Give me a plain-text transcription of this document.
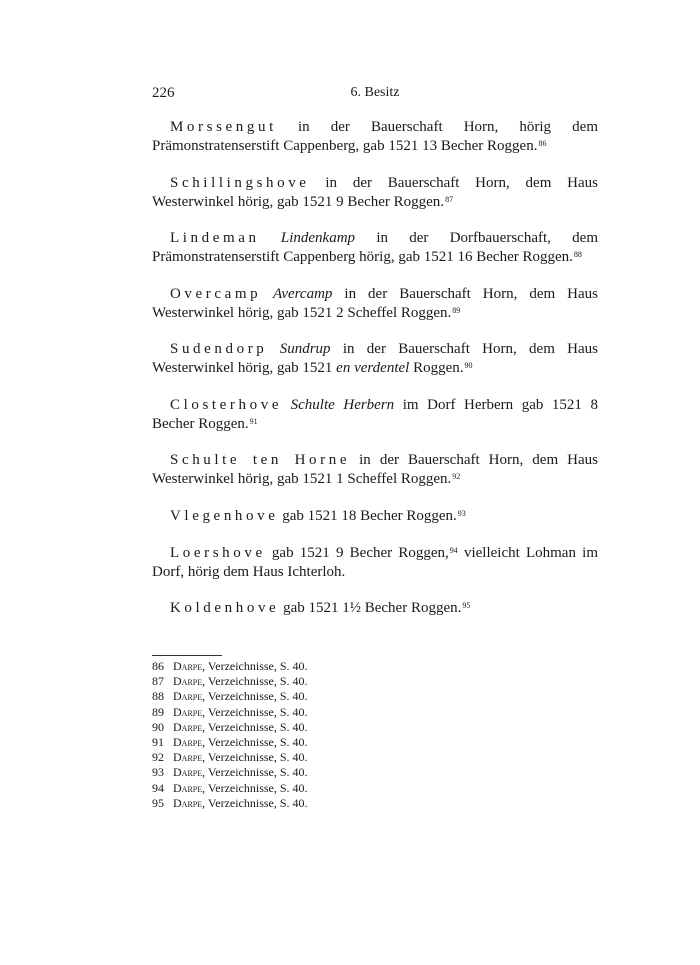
226	6. Besitz

Morssengut in der Bauerschaft Horn, hörig dem Prämonstratenserstift Cappenberg, gab 1521 13 Becher Roggen.$^{86}$

Schillingshove in der Bauerschaft Horn, dem Haus Westerwinkel hörig, gab 1521 9 Becher Roggen.$^{87}$

Lindeman Lindenkamp in der Dorfbauerschaft, dem Prämonstratenserstift Cappenberg hörig, gab 1521 16 Becher Roggen.$^{88}$

Overcamp Avercamp in der Bauerschaft Horn, dem Haus Westerwinkel hörig, gab 1521 2 Scheffel Roggen.$^{89}$

Sudendorp Sundrup in der Bauerschaft Horn, dem Haus Westerwinkel hörig, gab 1521 en verdentel Roggen.$^{90}$

Closterhove Schulte Herbern im Dorf Herbern gab 1521 8 Becher Roggen.$^{91}$

Schulte ten Horne in der Bauerschaft Horn, dem Haus Westerwinkel hörig, gab 1521 1 Scheffel Roggen.$^{92}$

Vlegenhove gab 1521 18 Becher Roggen.$^{93}$

Loershove gab 1521 9 Becher Roggen,$^{94}$ vielleicht Lohman im Dorf, hörig dem Haus Ichterloh.

Koldenhove gab 1521 1½ Becher Roggen.$^{95}$

86 Darpe, Verzeichnisse, S. 40.
87 Darpe, Verzeichnisse, S. 40.
88 Darpe, Verzeichnisse, S. 40.
89 Darpe, Verzeichnisse, S. 40.
90 Darpe, Verzeichnisse, S. 40.
91 Darpe, Verzeichnisse, S. 40.
92 Darpe, Verzeichnisse, S. 40.
93 Darpe, Verzeichnisse, S. 40.
94 Darpe, Verzeichnisse, S. 40.
95 Darpe, Verzeichnisse, S. 40.
